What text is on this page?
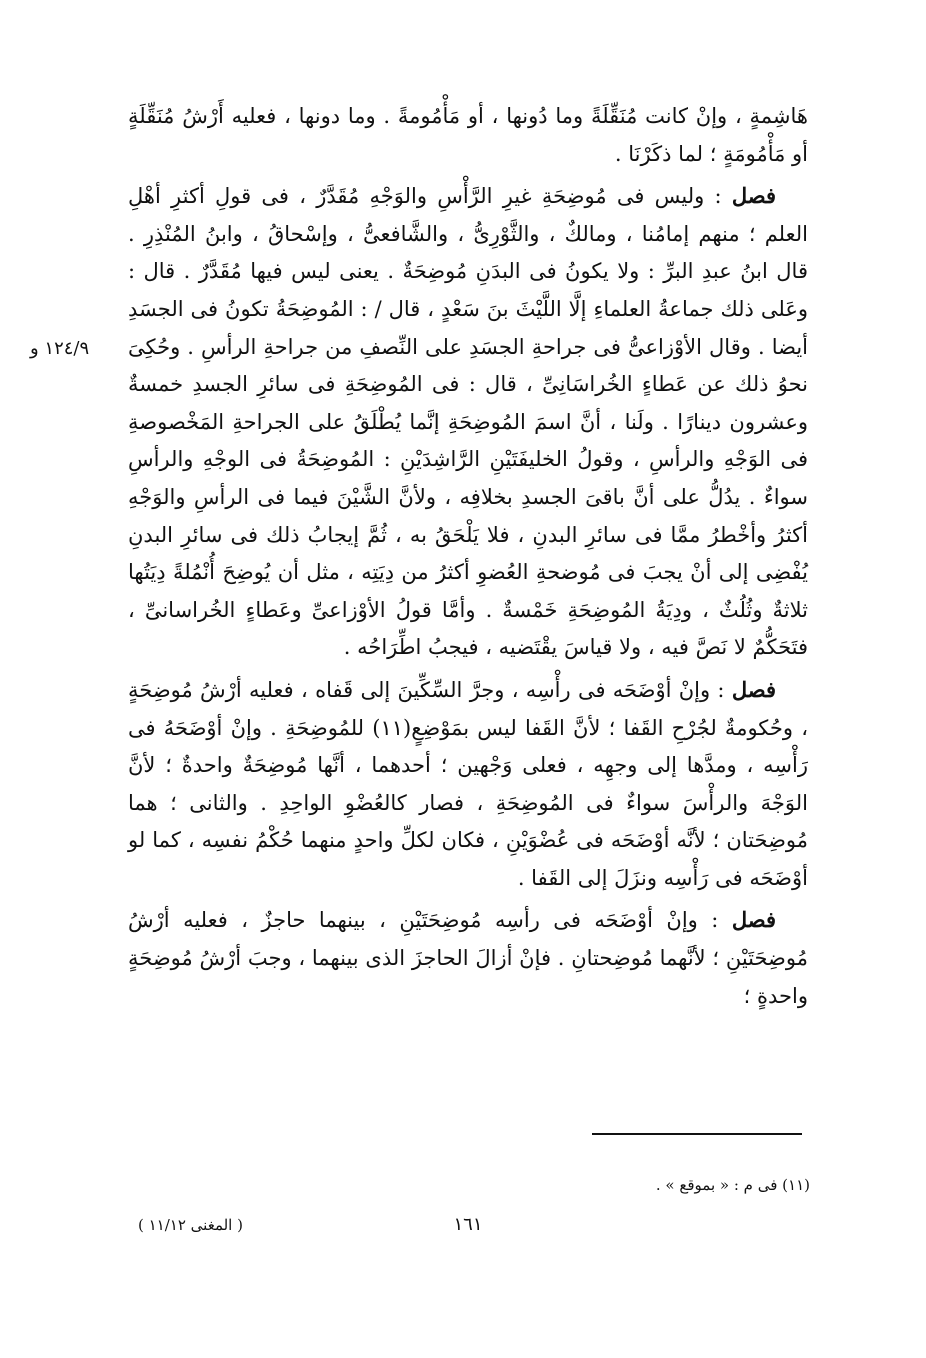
هَاشِمةٍ ، وإنْ كانت مُنَقِّلَةً وما دُونها ، أو مَأْمُومةً . وما دونها ، فعليه أَرْشُ مُنَقِّلَةٍ أو مَأْمُومَةٍ ؛ لما ذكَرْنَا .

فصل : وليس فى مُوضِحَةِ غيرِ الرَّأْسِ والوَجْهِ مُقَدَّرٌ ، فى قولِ أكثرِ أهْلِ العلم ؛ منهم إمامُنا ، ومالكٌ ، والثَّوْرِىُّ ، والشَّافعىُّ ، وإسْحاقُ ، وابنُ المُنْذِرِ . قال ابنُ عبدِ البرِّ : ولا يكونُ فى البدَنِ مُوضِحَةٌ . يعنى ليس فيها مُقَدَّرٌ . قال : وعَلى ذلك جماعةُ العلماءِ إلَّا اللَّيْثَ بنَ سَعْدٍ ، قال / : المُوضِحَةُ تكونُ فى الجسَدِ أيضا . وقال الأوْزاعىُّ فى جراحةِ الجسَدِ على النِّصفِ من جراحةِ الرأسِ . وحُكِىَ نحوُ ذلك عن عَطاءٍ الخُراسَانِىِّ ، قال : فى المُوضِحَةِ فى سائرِ الجسدِ خمسةٌ وعشرون دينارًا . ولَنا ، أنَّ اسمَ المُوضِحَةِ إنَّما يُطْلَقُ على الجراحةِ المَخْصوصةِ فى الوَجْهِ والرأسِ ، وقولُ الخليفَتَيْنِ الرَّاشِدَيْنِ : المُوضِحَةُ فى الوجْهِ والرأسِ سواءٌ . يدُلُّ على أنَّ باقىَ الجسدِ بخلافِه ، ولأنَّ الشَّيْنَ فيما فى الرأسِ والوَجْهِ أكثرُ وأخْطرُ ممَّا فى سائرِ البدنِ ، فلا يَلْحَقُ به ، ثُمَّ إيجابُ ذلك فى سائرِ البدنِ يُفْضِى إلى أنْ يجبَ فى مُوضحةِ العُضوِ أكثرُ من دِيَتِه ، مثل أن يُوضِحَ أُنْمُلةً دِيَتُها ثلاثةٌ وثُلُثٌ ، ودِيَةُ المُوضِحَةِ خَمْسةٌ . وأمَّا قولُ الأوْزاعىِّ وعَطاءٍ الخُراسانىِّ ، فتَحَكُّمٌ لا نَصَّ فيه ، ولا قياسَ يقْتَضيه ، فيجبُ اطِّرَاحُه .

فصل : وإنْ أوْضَحَه فى رأْسِه ، وجرَّ السِّكِّينَ إلى قَفاه ، فعليه أرْشُ مُوضِحَةٍ ، وحُكومةٌ لجُرْحِ القَفا ؛ لأنَّ القَفا ليس بمَوْضِعٍ(١١) للمُوضِحَةِ . وإنْ أوْضَحَهُ فى رَأْسِه ، ومدَّها إلى وجهِه ، فعلى وَجْهين ؛ أحدهما ، أنَّها مُوضِحَةٌ واحدةٌ ؛ لأنَّ الوَجْهَ والرأْسَ سواءٌ فى المُوضِحَةِ ، فصار كالعُضْوِ الواحِدِ . والثانى ؛ هما مُوضِحَتان ؛ لأنَّه أوْضَحَه فى عُضْوَيْنِ ، فكان لكلِّ واحدٍ منهما حُكْمُ نفسِه ، كما لو أوْضَحَه فى رَأْسِه ونزَلَ إلى القَفا .

فصل : وإنْ أوْضَحَه فى رأسِه مُوضِحَتَيْنِ ، بينهما حاجزٌ ، فعليه أرْشُ مُوضِحَتَيْنِ ؛ لأنَّهما مُوضِحتانِ . فإنْ أزالَ الحاجزَ الذى بينهما ، وجبَ أرْشُ مُوضِحَةٍ واحدةٍ ؛

١٢٤/٩ و
(١١) فى م : « بموقع » .
١٦١
( المغنى ١١/١٢ )
